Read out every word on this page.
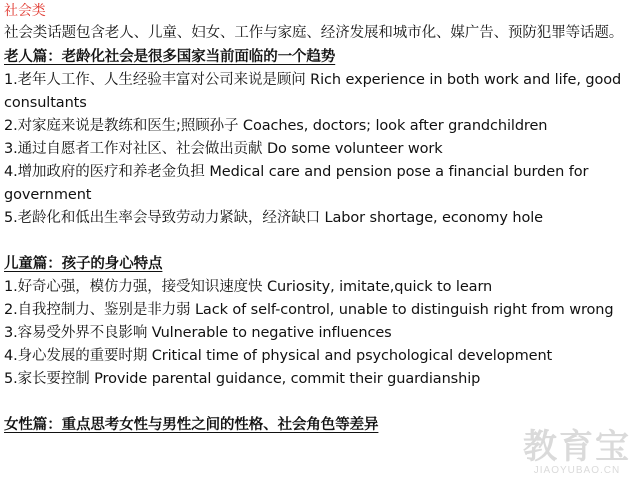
社会类
社会类话题包含老人、儿童、妇女、工作与家庭、经济发展和城市化、媒广告、预防犯罪等话题。
老人篇：老龄化社会是很多国家当前面临的一个趋势
1.老年人工作、人生经验丰富对公司来说是顾问 Rich experience in both work and life, good consultants
2.对家庭来说是教练和医生;照顾孙子 Coaches, doctors; look after grandchildren
3.通过自愿者工作对社区、社会做出贡献 Do some volunteer work
4.增加政府的医疗和养老金负担 Medical care and pension pose a financial burden for government
5.老龄化和低出生率会导致劳动力紧缺，经济缺口 Labor shortage, economy hole
儿童篇：孩子的身心特点
1.好奇心强，模仿力强，接受知识速度快 Curiosity, imitate,quick to learn
2.自我控制力、鉴别是非力弱 Lack of self-control, unable to distinguish right from wrong
3.容易受外界不良影响 Vulnerable to negative influences
4.身心发展的重要时期 Critical time of physical and psychological development
5.家长要控制 Provide parental guidance, commit their guardianship
女性篇：重点思考女性与男性之间的性格、社会角色等差异
教育宝
JIAOYUBAO.CN
